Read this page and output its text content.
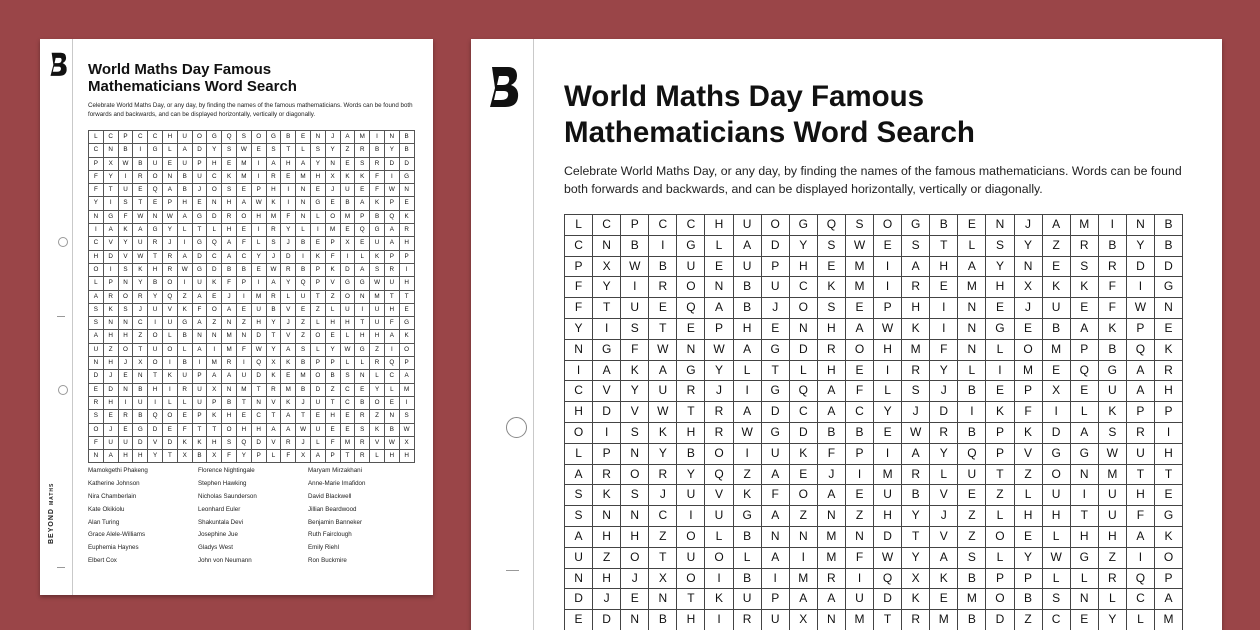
BEYONDMATHS
World Maths Day Famous
Mathematicians Word Search
Celebrate World Maths Day, or any day, by finding the names of the famous mathematicians. Words can be found both forwards and backwards, and can be displayed horizontally, vertically or diagonally.
L	C	P	C	C	H	U	O	G	Q	S	O	G	B	E	N	J	A	M	I	N	B
C	N	B	I	G	L	A	D	Y	S	W	E	S	T	L	S	Y	Z	R	B	Y	B
P	X	W	B	U	E	U	P	H	E	M	I	A	H	A	Y	N	E	S	R	D	D
F	Y	I	R	O	N	B	U	C	K	M	I	R	E	M	H	X	K	K	F	I	G
F	T	U	E	Q	A	B	J	O	S	E	P	H	I	N	E	J	U	E	F	W	N
Y	I	S	T	E	P	H	E	N	H	A	W	K	I	N	G	E	B	A	K	P	E
N	G	F	W	N	W	A	G	D	R	O	H	M	F	N	L	O	M	P	B	Q	K
I	A	K	A	G	Y	L	T	L	H	E	I	R	Y	L	I	M	E	Q	G	A	R
C	V	Y	U	R	J	I	G	Q	A	F	L	S	J	B	E	P	X	E	U	A	H
H	D	V	W	T	R	A	D	C	A	C	Y	J	D	I	K	F	I	L	K	P	P
O	I	S	K	H	R	W	G	D	B	B	E	W	R	B	P	K	D	A	S	R	I
L	P	N	Y	B	O	I	U	K	F	P	I	A	Y	Q	P	V	G	G	W	U	H
A	R	O	R	Y	Q	Z	A	E	J	I	M	R	L	U	T	Z	O	N	M	T	T
S	K	S	J	U	V	K	F	O	A	E	U	B	V	E	Z	L	U	I	U	H	E
S	N	N	C	I	U	G	A	Z	N	Z	H	Y	J	Z	L	H	H	T	U	F	G
A	H	H	Z	O	L	B	N	N	M	N	D	T	V	Z	O	E	L	H	H	A	K
U	Z	O	T	U	O	L	A	I	M	F	W	Y	A	S	L	Y	W	G	Z	I	O
N	H	J	X	O	I	B	I	M	R	I	Q	X	K	B	P	P	L	L	R	Q	P
D	J	E	N	T	K	U	P	A	A	U	D	K	E	M	O	B	S	N	L	C	A
E	D	N	B	H	I	R	U	X	N	M	T	R	M	B	D	Z	C	E	Y	L	M
R	H	I	U	I	L	L	U	P	B	T	N	V	K	J	U	T	C	B	O	E	I
S	E	R	B	Q	O	E	P	K	H	E	C	T	A	T	E	H	E	R	Z	N	S
O	J	E	G	D	E	F	T	T	O	H	H	A	A	W	U	E	E	S	K	B	W
F	U	U	D	V	D	K	K	H	S	Q	D	V	R	J	L	F	M	R	V	W	X
N	A	H	H	Y	T	X	B	X	F	Y	P	L	F	X	A	P	T	R	L	H	H
Mamokgethi Phakeng	Florence Nightingale	Maryam Mirzakhani
Katherine Johnson	Stephen Hawking	Anne-Marie Imafidon
Nira Chamberlain	Nicholas Saunderson	David Blackwell
Kate Okikiolu	Leonhard Euler	Jillian Beardwood
Alan Turing	Shakuntala Devi	Benjamin Banneker
Grace Alele-Williams	Josephine Jue	Ruth Fairclough
Euphemia Haynes	Gladys West	Emily Riehl
Elbert Cox	John von Neumann	Ron Buckmire
World Maths Day Famous
Mathematicians Word Search
Celebrate World Maths Day, or any day, by finding the names of the famous mathematicians. Words can be found both forwards and backwards, and can be displayed horizontally, vertically or diagonally.
L	C	P	C	C	H	U	O	G	Q	S	O	G	B	E	N	J	A	M	I	N	B
C	N	B	I	G	L	A	D	Y	S	W	E	S	T	L	S	Y	Z	R	B	Y	B
P	X	W	B	U	E	U	P	H	E	M	I	A	H	A	Y	N	E	S	R	D	D
F	Y	I	R	O	N	B	U	C	K	M	I	R	E	M	H	X	K	K	F	I	G
F	T	U	E	Q	A	B	J	O	S	E	P	H	I	N	E	J	U	E	F	W	N
Y	I	S	T	E	P	H	E	N	H	A	W	K	I	N	G	E	B	A	K	P	E
N	G	F	W	N	W	A	G	D	R	O	H	M	F	N	L	O	M	P	B	Q	K
I	A	K	A	G	Y	L	T	L	H	E	I	R	Y	L	I	M	E	Q	G	A	R
C	V	Y	U	R	J	I	G	Q	A	F	L	S	J	B	E	P	X	E	U	A	H
H	D	V	W	T	R	A	D	C	A	C	Y	J	D	I	K	F	I	L	K	P	P
O	I	S	K	H	R	W	G	D	B	B	E	W	R	B	P	K	D	A	S	R	I
L	P	N	Y	B	O	I	U	K	F	P	I	A	Y	Q	P	V	G	G	W	U	H
A	R	O	R	Y	Q	Z	A	E	J	I	M	R	L	U	T	Z	O	N	M	T	T
S	K	S	J	U	V	K	F	O	A	E	U	B	V	E	Z	L	U	I	U	H	E
S	N	N	C	I	U	G	A	Z	N	Z	H	Y	J	Z	L	H	H	T	U	F	G
A	H	H	Z	O	L	B	N	N	M	N	D	T	V	Z	O	E	L	H	H	A	K
U	Z	O	T	U	O	L	A	I	M	F	W	Y	A	S	L	Y	W	G	Z	I	O
N	H	J	X	O	I	B	I	M	R	I	Q	X	K	B	P	P	L	L	R	Q	P
D	J	E	N	T	K	U	P	A	A	U	D	K	E	M	O	B	S	N	L	C	A
E	D	N	B	H	I	R	U	X	N	M	T	R	M	B	D	Z	C	E	Y	L	M
